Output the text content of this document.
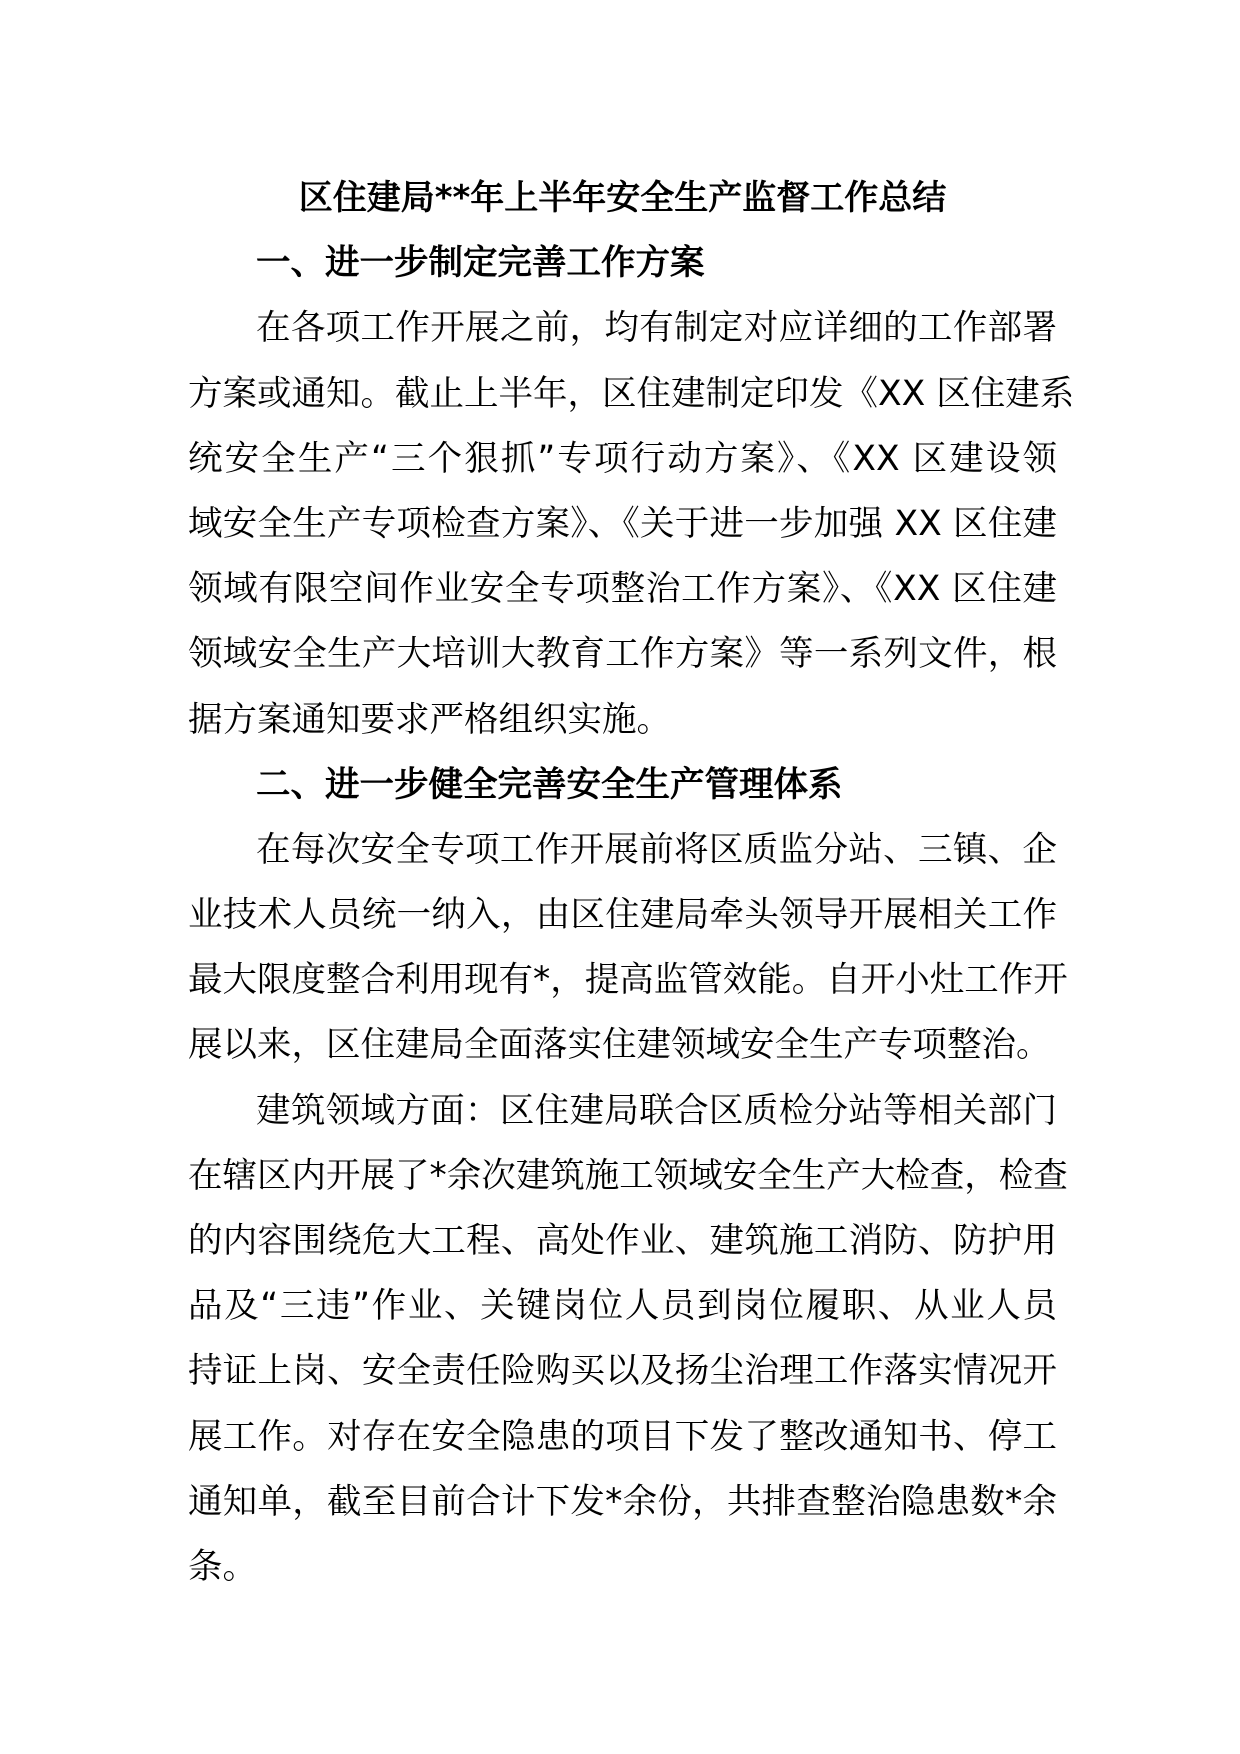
区住建局**年上半年安全生产监督工作总结
一、进一步制定完善工作方案
在各项工作开展之前，均有制定对应详细的工作部署
方案或通知。截止上半年，区住建制定印发《XX 区住建系
统安全生产“三个狠抓”专项行动方案》、《XX 区建设领
域安全生产专项检查方案》、《关于进一步加强 XX 区住建
领域有限空间作业安全专项整治工作方案》、《XX 区住建
领域安全生产大培训大教育工作方案》等一系列文件，根
据方案通知要求严格组织实施。
二、进一步健全完善安全生产管理体系
在每次安全专项工作开展前将区质监分站、三镇、企
业技术人员统一纳入，由区住建局牵头领导开展相关工作
最大限度整合利用现有*，提高监管效能。自开小灶工作开
展以来，区住建局全面落实住建领域安全生产专项整治。
建筑领域方面：区住建局联合区质检分站等相关部门
在辖区内开展了*余次建筑施工领域安全生产大检查，检查
的内容围绕危大工程、高处作业、建筑施工消防、防护用
品及“三违”作业、关键岗位人员到岗位履职、从业人员
持证上岗、安全责任险购买以及扬尘治理工作落实情况开
展工作。对存在安全隐患的项目下发了整改通知书、停工
通知单，截至目前合计下发*余份，共排查整治隐患数*余
条。
